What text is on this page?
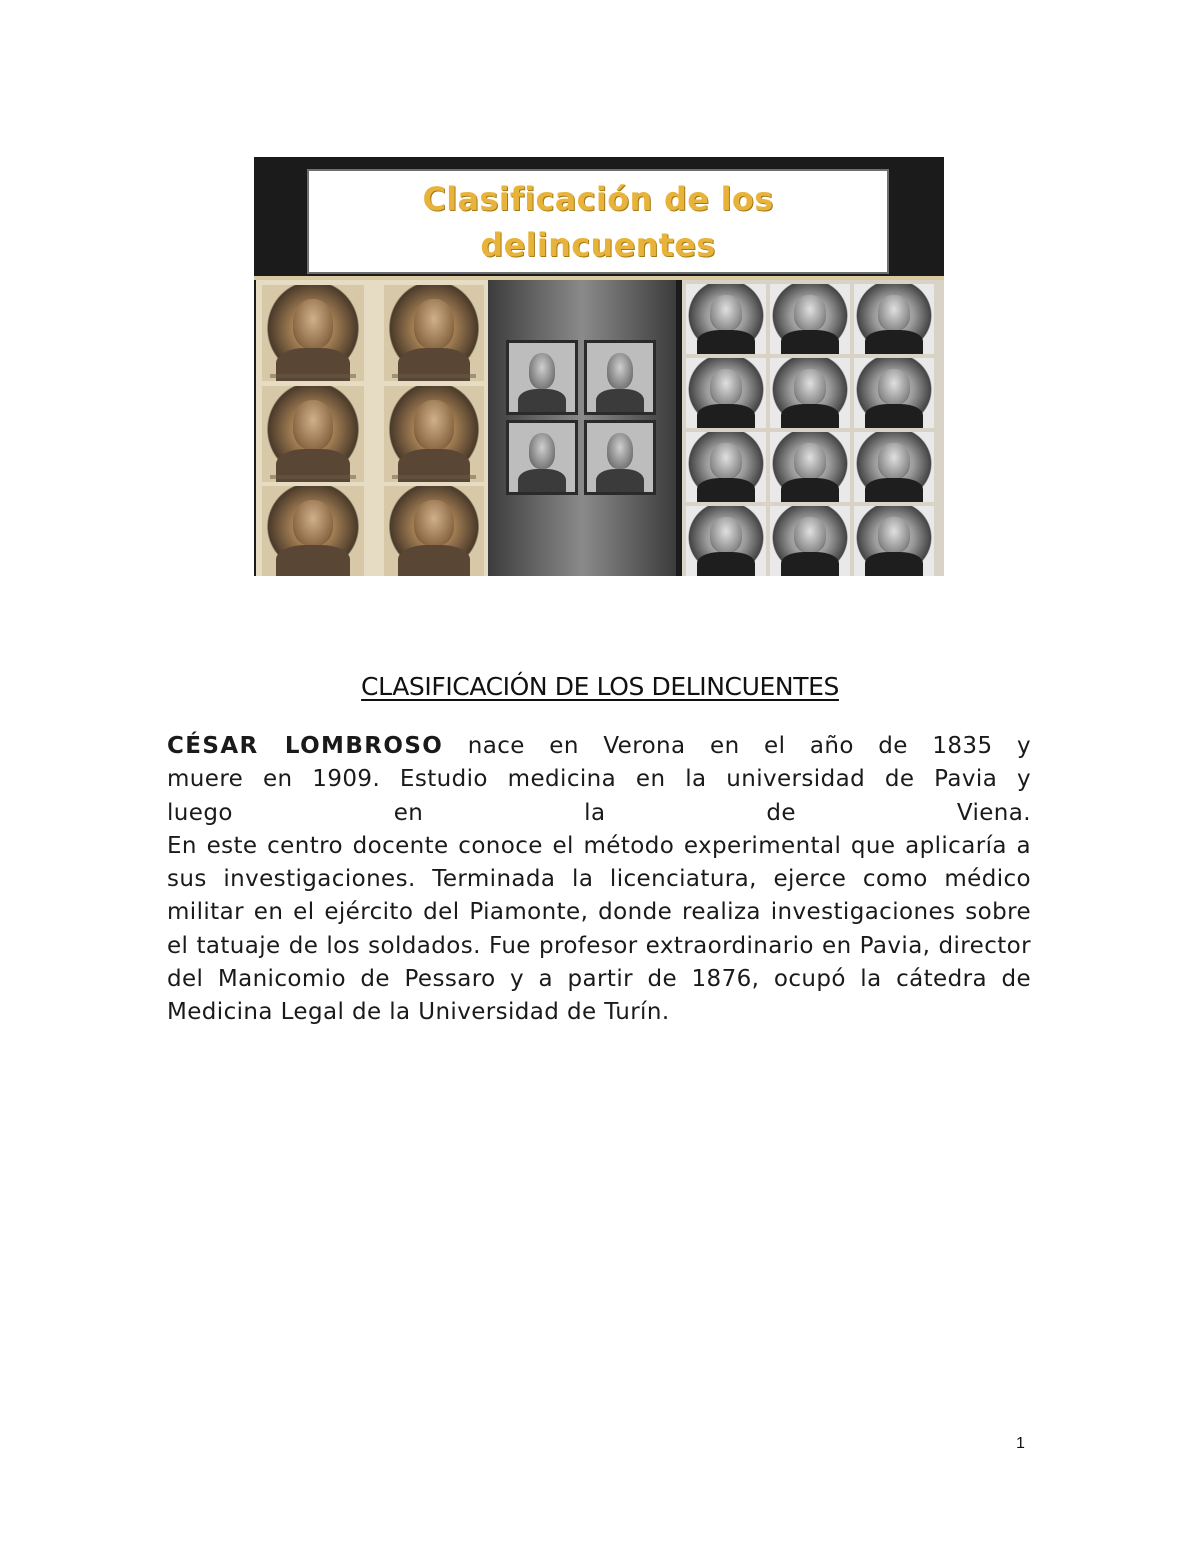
Clasificación de los
delincuentes
CLASIFICACIÓN DE LOS DELINCUENTES
CÉSAR LOMBROSO nace en Verona en el año de 1835 y
muere en 1909. Estudio medicina en la universidad de Pavia y
luego en la de Viena.
En este centro docente conoce el método experimental que aplicaría a sus investigaciones. Terminada la licenciatura, ejerce como médico militar en el ejército del Piamonte, donde realiza investigaciones sobre el tatuaje de los soldados. Fue profesor extraordinario en Pavia, director del Manicomio de Pessaro y a partir de 1876, ocupó la cátedra de Medicina Legal de la Universidad de Turín.
1
